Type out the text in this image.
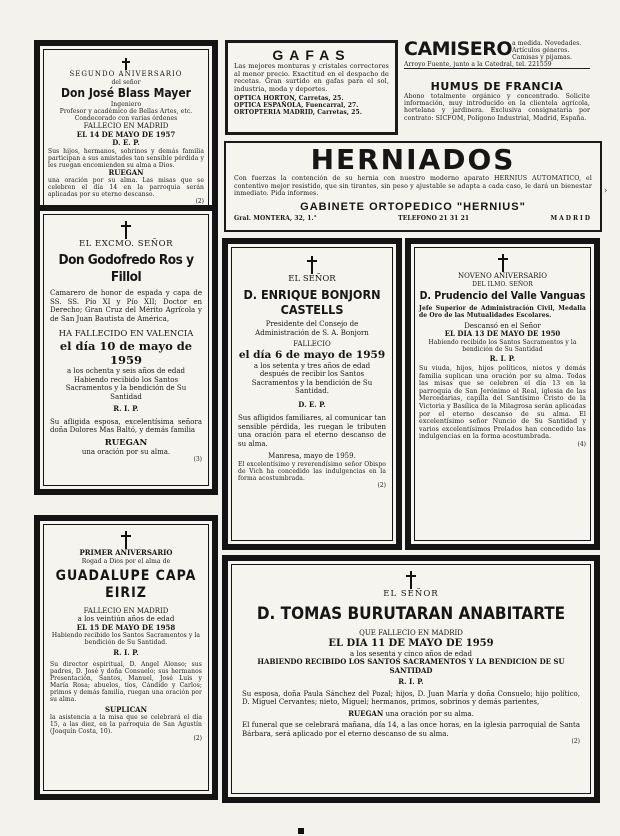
SEGUNDO ANIVERSARIO
del señor
Don José Blass Mayer
Ingeniero
Profesor y académico de Bellas Artes, etc. Condecorado con varias órdenes
FALLECIO EN MADRID
EL 14 DE MAYO DE 1957
D. E. P.
Sus hijos, hermanos, sobrinos y demás familia participan a sus amistades tan sensible pérdida y les ruegan encomienden su alma a Dios.
RUEGAN
una oración por su alma. Las misas que se celebren el día 14 en la parroquia serán aplicadas por su eterno descanso.
(2)
GAFAS
Las mejores monturas y cristales correctores al menor precio. Exactitud en el despacho de recetas. Gran surtido en gafas para el sol, industria, moda y deportes.
OPTICA HORTON, Carretas, 25.
OPTICA ESPAÑOLA, Fuencarral, 27.
ORTOPTERIA MADRID, Carretas, 25.
CAMISERO a medida. Novedades. Artículos géneros. Camisas y pijamas.
Arroyo Fuente, junto a la Catedral, tel. 221559
HUMUS DE FRANCIA
Abono totalmente orgánico y concentrado. Solicite información, muy introducido en la clientela agrícola, hortelana y jardinera. Exclusiva consignataria por contrato: SICFOM, Polígono Industrial, Madrid, España.
HERNIADOS
Con fuerzas la contención de su hernia con nuestro moderno aparato HERNIUS AUTOMATICO, el contentivo mejor resistido, que sin tirantes, sin peso y ajustable se adapta a cada caso, le dará un bienestar inmediato. Pida informes.
GABINETE ORTOPEDICO "HERNIUS"
Gral. MONTERA, 32, 1.°	TELEFONO 21 31 21	MADRID
EL EXCMO. SEÑOR
Don Godofredo Ros y Fillol
Camarero de honor de espada y capa de SS. SS. Pío XI y Pío XII; Doctor en Derecho; Gran Cruz del Mérito Agrícola y de San Juan Bautista de América,
HA FALLECIDO EN VALENCIA
el día 10 de mayo de 1959
a los ochenta y seis años de edad
Habiendo recibido los Santos Sacramentos y la bendición de Su Santidad
R. I. P.
Su afligida esposa, excelentísima señora doña Dolores Mas Baltó, y demás familia
RUEGAN
una oración por su alma.
(3)
EL SEÑOR
D. ENRIQUE BONJORN CASTELLS
Presidente del Consejo de Administración de S. A. Bonjorn
FALLECIO
el día 6 de mayo de 1959
a los setenta y tres años de edad
después de recibir los Santos Sacramentos y la bendición de Su Santidad.
D. E. P.
Sus afligidos familiares, al comunicar tan sensible pérdida, les ruegan le tributen una oración para el eterno descanso de su alma.
Manresa, mayo de 1959.
El excelentísimo y reverendísimo señor Obispo de Vich ha concedido las indulgencias en la forma acostumbrada.
(2)
NOVENO ANIVERSARIO
DEL ILMO. SEÑOR
D. Prudencio del Valle Vanguas
Jefe Superior de Administración Civil, Medalla de Oro de las Mutualidades Escolares.
Descansó en el Señor
EL DIA 13 DE MAYO DE 1950
Habiendo recibido los Santos Sacramentos y la bendición de Su Santidad
R. I. P.
Su viuda, hijos, hijos políticos, nietos y demás familia suplican una oración por su alma. Todas las misas que se celebren el día 13 en la parroquia de San Jerónimo el Real, iglesia de las Mercedarias, capilla del Santísimo Cristo de la Victoria y Basílica de la Milagrosa serán aplicadas por el eterno descanso de su alma. El excelentísimo señor Nuncio de Su Santidad y varios excelentísimos Prelados han concedido las indulgencias en la forma acostumbrada.
(4)
PRIMER ANIVERSARIO
Rogad a Dios por el alma de
GUADALUPE CAPA
EIRIZ
FALLECIO EN MADRID
a los veintiún años de edad
EL 15 DE MAYO DE 1958
Habiendo recibido los Santos Sacramentos y la bendición de Su Santidad.
R. I. P.
Su director espiritual, D. Angel Alonso; sus padres, D. José y doña Consuelo; sus hermanos Presentación, Santos, Manuel, José Luis y María Rosa; abuelos, tíos, Cándido y Carlos; primos y demás familia, ruegan una oración por su alma.
SUPLICAN
la asistencia a la misa que se celebrará el día 15, a las diez, en la parroquia de San Agustín (Joaquín Costa, 10).
(2)
EL SEÑOR
D. TOMAS BURUTARAN ANABITARTE
QUE FALLECIO EN MADRID
EL DIA 11 DE MAYO DE 1959
a los sesenta y cinco años de edad
HABIENDO RECIBIDO LOS SANTOS SACRAMENTOS Y LA BENDICION DE SU SANTIDAD
R. I. P.
Su esposa, doña Paula Sánchez del Pozal; hijos, D. Juan María y doña Consuelo; hijo político, D. Miguel Cervantes; nieto, Miguel; hermanos, primos, sobrinos y demás parientes,
RUEGAN una oración por su alma.
El funeral que se celebrará mañana, día 14, a las once horas, en la iglesia parroquial de Santa Bárbara, será aplicado por el eterno descanso de su alma.
(2)
›
